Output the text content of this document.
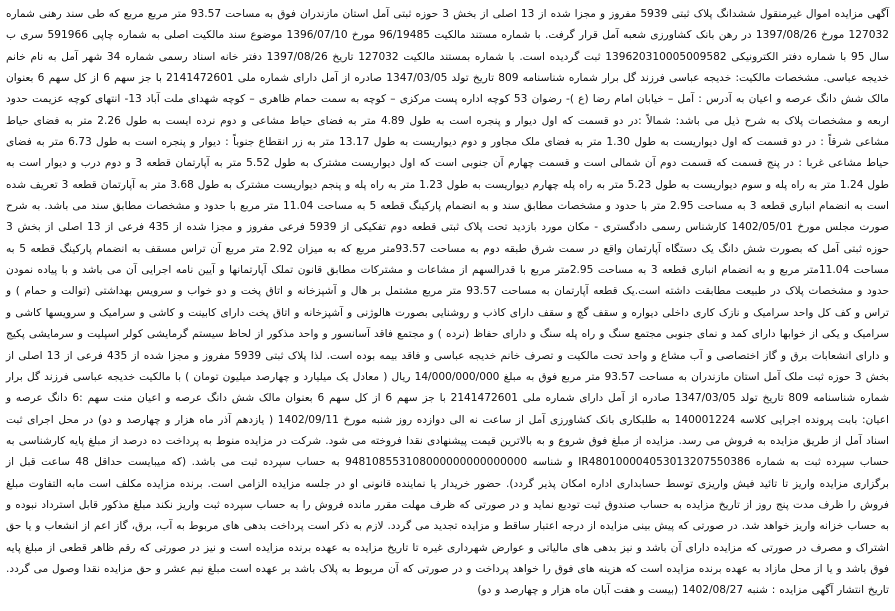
آگهی مزایده اموال غیرمنقول ششدانگ پلاک ثبتی 5939 مفروز و مجزا شده از 13 اصلی از بخش 3 حوزه ثبتی آمل استان مازندران فوق به مساحت 93.57 متر مربع مربع که طی سند رهنی شماره 127032 مورخ 1397/08/26 در رهن بانک کشاورزی شعبه آمل قرار گرفت. با شماره مستند مالکیت 96/19485 مورخ 1396/07/10 موضوع سند مالکیت اصلی به شماره چاپی 591966 سری ب سال 95 با شماره دفتر الکترونیکی 139620310005009582 ثبت گردیده است. با شماره بمستند مالکیت 127032 تاریخ 1397/08/26 دفتر خانه اسناد رسمی شماره 34 شهر آمل به نام خانم خدیجه عباسی. مشخصات مالکیت: خدیجه عباسی فرزند گل برار شماره شناسنامه 809 تاریخ تولد 1347/03/05 صادره از آمل دارای شماره ملی 2141472601 با جز سهم 6 از کل سهم 6 بعنوان مالک شش دانگ عرصه و اعیان به آدرس : آمل – خیابان امام رضا (ع )- رضوان 53 کوچه اداره پست مرکزی – کوچه به سمت حمام ظاهری – کوچه شهدای ملت آباد 13- انتهای کوچه عزیمت حدود اربعه و مشخصات پلاک به شرح ذیل می باشد: شمالاً :در دو قسمت که اول دیوار و پنجره است به طول 4.89 متر به فضای حیاط مشاعی و دوم نرده ایست به طول 2.26 متر به فضای حیاط مشاعی شرقاً : در دو قسمت که اول دیواریست به طول 1.30 متر به فضای ملک مجاور و دوم دیواریست به طول 13.17 متر به زر انقطاع جنوباً : دیوار و پنجره است به طول 6.73 متر به فضای حیاط مشاعی غربا : در پنج قسمت که قسمت دوم آن شمالی است و قسمت چهارم آن جنوبی است که اول دیواریست مشترک به طول 5.52 متر به آپارتمان قطعه 3 و دوم درب و دیوار است به طول 1.24 متر به راه پله و سوم دیواریست به طول 5.23 متر به راه پله چهارم دیواریست به طول 1.23 متر به راه پله و پنجم دیواریست مشترک به طول 3.68 متر به آپارتمان قطعه 3 تعریف شده است به انضمام انباری قطعه 3 به مساحت 2.95 متر با حدود و مشخصات مطابق سند و به انضمام پارکینگ قطعه 5 به مساحت 11.04 متر مربع با حدود و مشخصات مطابق سند می باشد. به شرح صورت مجلس مورخ 1402/05/01 کارشناس رسمی دادگستری - مکان مورد بازدید تحت پلاک ثبتی قطعه دوم تفکیکی از 5939 فرعی مفروز و مجزا شده از 435 فرعی از 13 اصلی از بخش 3 حوزه ثبتی آمل که بصورت شش دانگ یک دستگاه آپارتمان واقع در سمت شرق طبقه دوم به مساحت 93.57متر مربع که به میزان 2.92 متر مربع آن تراس مسقف به انضمام پارکینگ قطعه 5 به مساحت 11.04متر مربع و به انضمام انباری قطعه 3 به مساحت 2.95متر مربع با قدرالسهم از مشاعات و مشترکات مطابق قانون تملک آپارتمانها و آیین نامه اجرایی آن می باشد و با پیاده نمودن حدود و مشخصات پلاک در طبیعت مطابقت داشته است.یک قطعه آپارتمان به مساحت 93.57 متر مربع مشتمل بر هال و آشپزخانه و اتاق پخت و دو خواب و سرویس بهداشتی (توالت و حمام ) و تراس و کف کل واحد سرامیک و نازک کاری داخلی دیواره و سقف گچ و سقف دارای کاذب و روشنایی بصورت هالوژنی و آشپزخانه و اتاق پخت دارای کابینت و کاشی و سرامیک و سرویسها کاشی و سرامیک و یکی از خوابها دارای کمد و نمای جنوبی مجتمع سنگ و راه پله سنگ و دارای حفاظ (نرده ) و مجتمع فاقد آسانسور و واحد مذکور از لحاظ سیستم گرمایشی کولر اسپلیت و سرمایشی پکیج و دارای انشعابات برق و گاز اختصاصی و آب مشاع و واحد تحت مالکیت و تصرف خانم خدیجه عباسی و فاقد بیمه بوده است. لذا پلاک ثبتی 5939 مفروز و مجزا شده از 435 فرعی از 13 اصلی از بخش 3 حوزه ثبت ملک آمل استان مازندران به مساحت 93.57 متر مربع فوق به مبلغ 14/000/000/000 ریال ( معادل یک میلیارد و چهارصد میلیون تومان ) با مالکیت خدیجه عباسی فرزند گل برار شماره شناسنامه 809 تاریخ تولد 1347/03/05 صادره از آمل دارای شماره ملی 2141472601 با جز سهم 6 از کل سهم 6 بعنوان مالک شش دانگ عرصه و اعیان منت سهم :6 دانگ عرصه و اعیان: بابت پرونده اجرایی کلاسه 140001224 به طلبکاری بانک کشاورزی آمل از ساعت نه الی دوازده روز شنبه مورخ 1402/09/11 ( یازدهم آذر ماه هزار و چهارصد و دو) در محل اجرای ثبت اسناد آمل از طریق مزایده به فروش می رسد. مزایده از مبلغ فوق شروع و به بالاترین قیمت پیشنهادی نقدا فروخته می شود. شرکت در مزایده منوط به پرداخت ده درصد از مبلغ پایه کارشناسی به حساب سپرده ثبت به شماره IR480100004053013207550386 و شناسه 948108553108000000000000000 به حساب سپرده ثبت می باشد. (که میبایست حداقل 48 ساعت قبل از برگزاری مزایده واریز تا تائید فیش واریزی توسط حسابداری اداره امکان پذیر گردد). حضور خریدار یا نماینده قانونی او در جلسه مزایده الزامی است. برنده مزایده مکلف است مابه التفاوت مبلغ فروش را ظرف مدت پنج روز از تاریخ مزایده به حساب صندوق ثبت تودیع نماید و در صورتی که ظرف مهلت مقرر مانده فروش را به حساب سپرده ثبت واریز نکند مبلغ مذکور قابل استرداد نبوده و به حساب خزانه واریز خواهد شد. در صورتی که پیش بینی مزایده از درجه اعتبار ساقط و مزایده تجدید می گردد. لازم به ذکر است پرداخت بدهی های مربوط به آب، برق، گاز اعم از انشعاب و یا حق اشتراک و مصرف در صورتی که مزایده دارای آن باشد و نیز بدهی های مالیاتی و عوارض شهرداری غیره تا تاریخ مزایده به عهده برنده مزایده است و نیز در صورتی که رقم ظاهر قطعی از مبلغ پایه فوق باشد و یا از محل مازاد به عهده برنده مزایده است که هزینه های فوق را خواهد پرداخت و در صورتی که آن مربوط به پلاک باشد بر عهده است مبلغ نیم عشر و حق مزایده نقدا وصول می گردد. تاریخ انتشار آگهی مزایده : شنبه 1402/08/27 (بیست و هفت آبان ماه هزار و چهارصد و دو)
